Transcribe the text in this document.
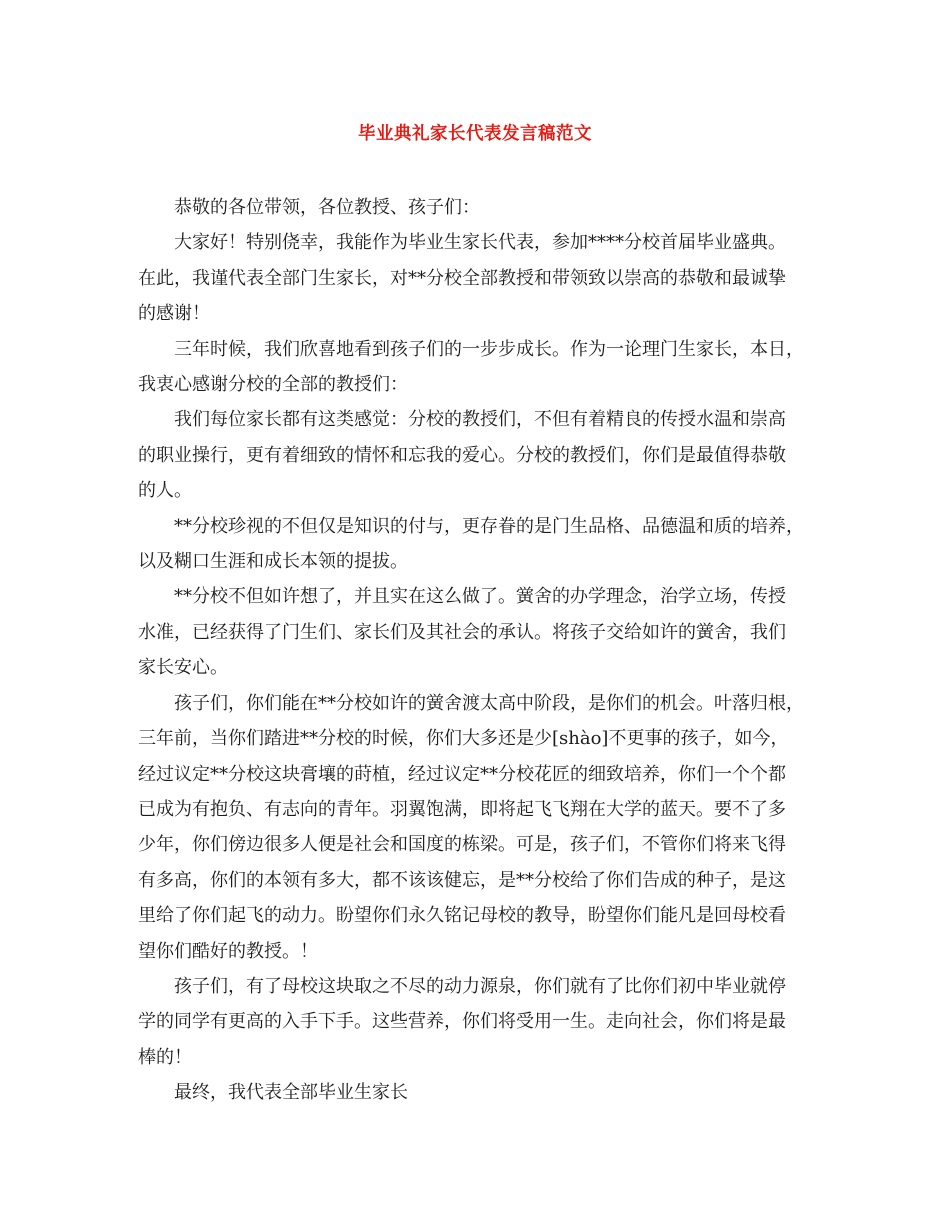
毕业典礼家长代表发言稿范文
恭敬的各位带领，各位教授、孩子们：
大家好！特别侥幸，我能作为毕业生家长代表，参加****分校首届毕业盛典。
在此，我谨代表全部门生家长，对**分校全部教授和带领致以崇高的恭敬和最诚挚
的感谢！
三年时候，我们欣喜地看到孩子们的一步步成长。作为一论理门生家长，本日，
我衷心感谢分校的全部的教授们：
我们每位家长都有这类感觉：分校的教授们，不但有着精良的传授水温和崇高
的职业操行，更有着细致的情怀和忘我的爱心。分校的教授们，你们是最值得恭敬
的人。
**分校珍视的不但仅是知识的付与，更存眷的是门生品格、品德温和质的培养，
以及糊口生涯和成长本领的提拔。
**分校不但如许想了，并且实在这么做了。黉舍的办学理念，治学立场，传授
水准，已经获得了门生们、家长们及其社会的承认。将孩子交给如许的黉舍，我们
家长安心。
孩子们，你们能在**分校如许的黉舍渡太高中阶段，是你们的机会。叶落归根，
三年前，当你们踏进**分校的时候，你们大多还是少[shào]不更事的孩子，如今，
经过议定**分校这块膏壤的莳植，经过议定**分校花匠的细致培养，你们一个个都
已成为有抱负、有志向的青年。羽翼饱满，即将起飞飞翔在大学的蓝天。要不了多
少年，你们傍边很多人便是社会和国度的栋梁。可是，孩子们，不管你们将来飞得
有多高，你们的本领有多大，都不该该健忘，是**分校给了你们告成的种子，是这
里给了你们起飞的动力。盼望你们永久铭记母校的教导，盼望你们能凡是回母校看
望你们酷好的教授。！
孩子们，有了母校这块取之不尽的动力源泉，你们就有了比你们初中毕业就停
学的同学有更高的入手下手。这些营养，你们将受用一生。走向社会，你们将是最
棒的！
最终，我代表全部毕业生家长
